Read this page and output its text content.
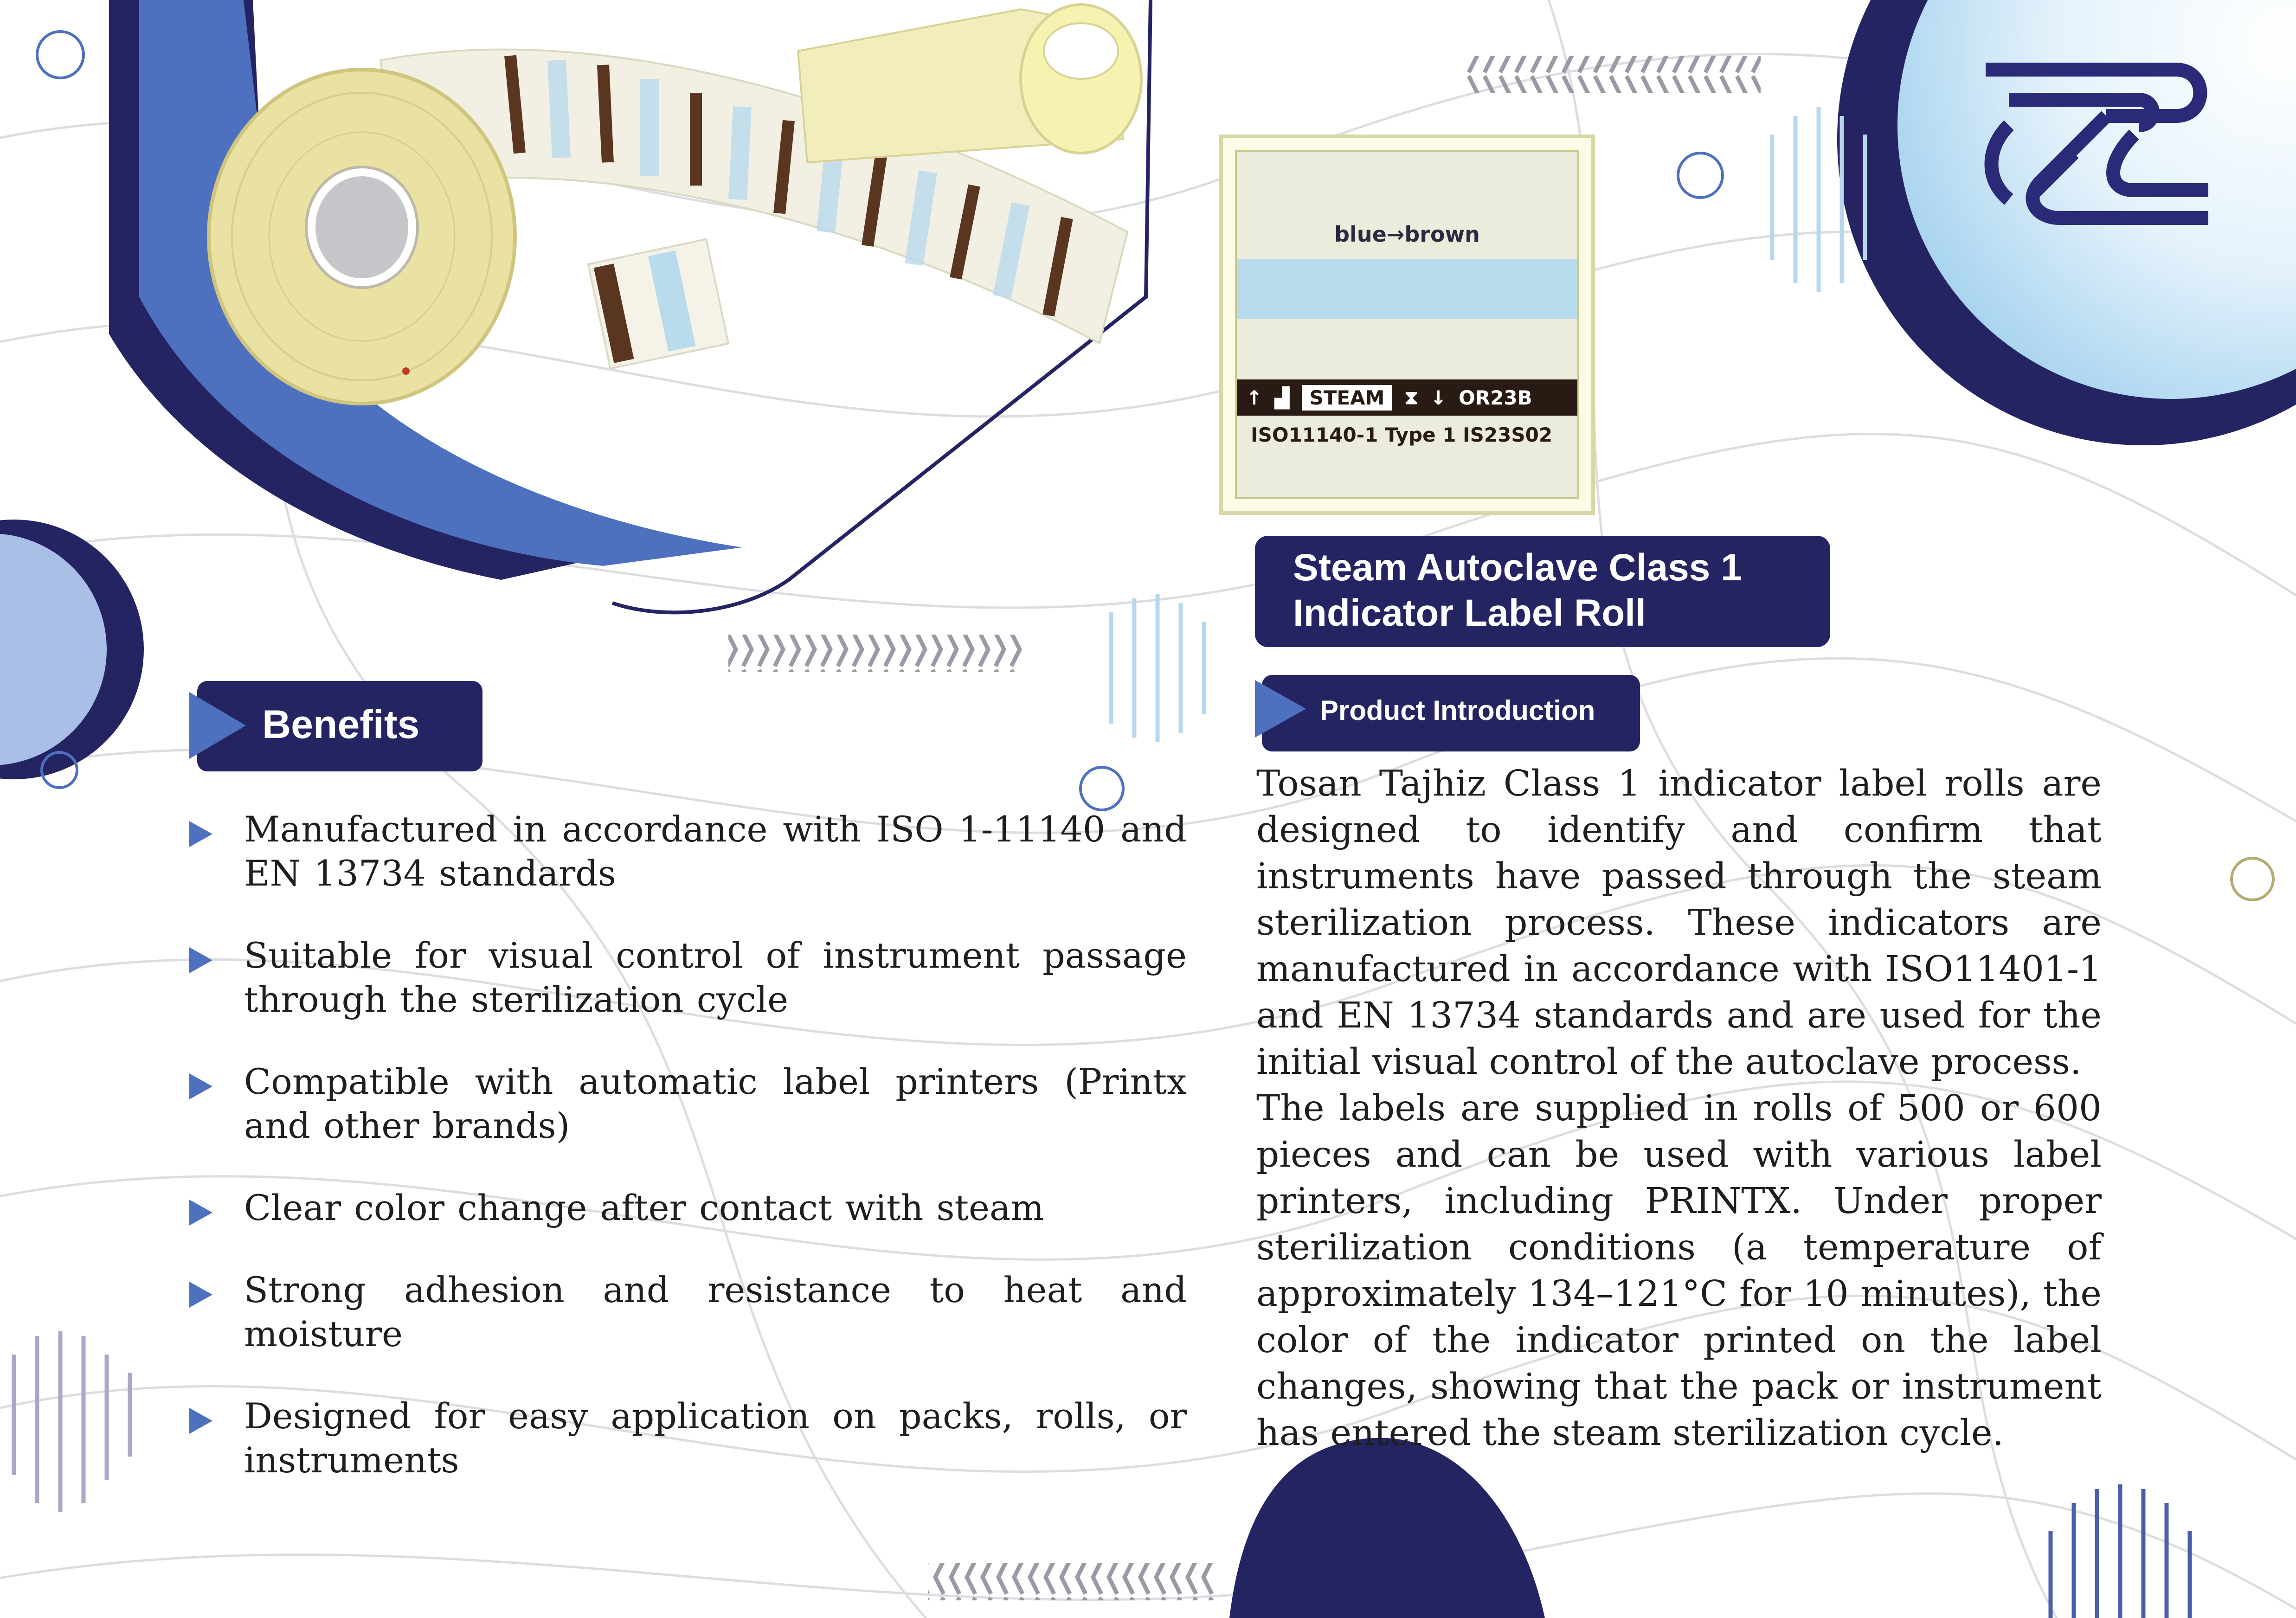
blue→brown
↑ ▟	STEAM	⧗ ↓ OR23B
ISO11140-1 Type 1 IS23S02
Steam Autoclave Class 1
Indicator Label Roll
Benefits	Product Introduction
Manufactured in accordance with ISO 1-11140 and EN 13734 standards
Suitable for visual control of instrument passage through the sterilization cycle
Compatible with automatic label printers (Printx and other brands)
Clear color change after contact with steam
Strong adhesion and resistance to heat and moisture
Designed for easy application on packs, rolls, or instruments

Tosan Tajhiz Class 1 indicator label rolls are designed to identify and confirm that instruments have passed through the steam sterilization process. These indicators are manufactured in accordance with ISO11401-1 and EN 13734 standards and are used for the initial visual control of the autoclave process.

The labels are supplied in rolls of 500 or 600 pieces and can be used with various label printers, including PRINTX. Under proper sterilization conditions (a temperature of approximately 134–121°C for 10 minutes), the color of the indicator printed on the label changes, showing that the pack or instrument has entered the steam sterilization cycle.
